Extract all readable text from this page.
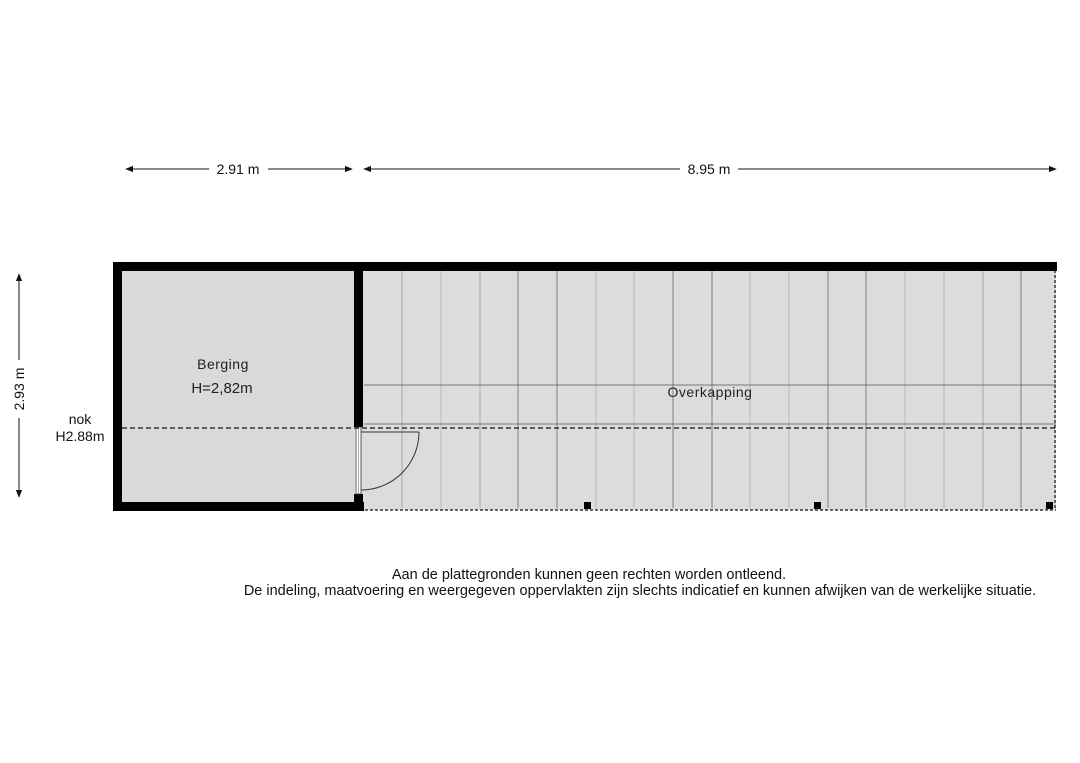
2.91 m	8.95 m
2.93 m
nok
H2.88m
Berging
H=2,82m	Overkapping
Aan de plattegronden kunnen geen rechten worden ontleend.
De indeling, maatvoering en weergegeven oppervlakten zijn slechts indicatief en kunnen afwijken van de werkelijke situatie.
